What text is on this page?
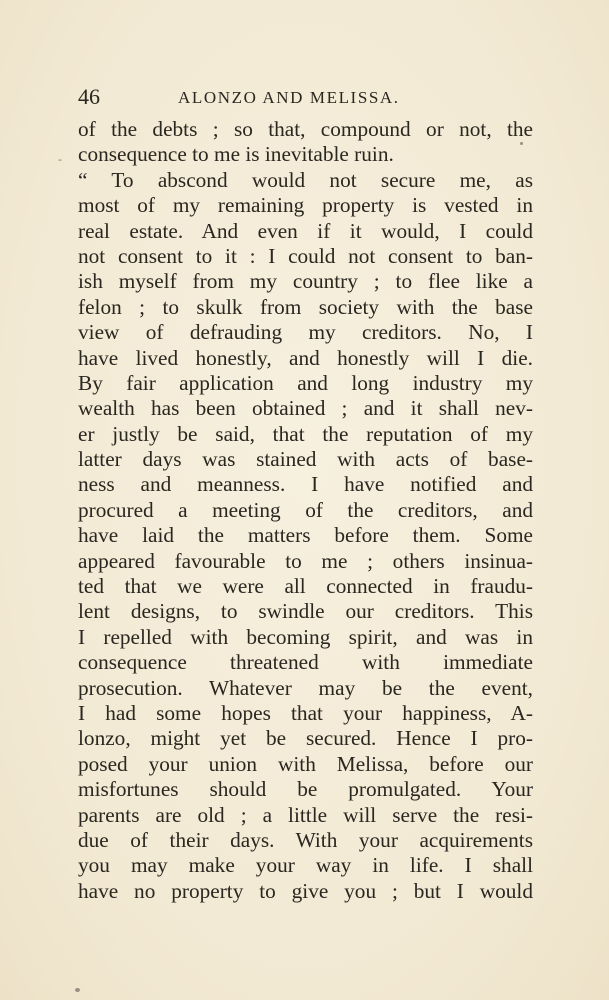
46	ALONZO AND MELISSA.
-
of the debts ; so that, compound or not, the
consequence to me is inevitable ruin.
“ To abscond would not secure me, as
most of my remaining property is vested in
real estate. And even if it would, I could
not consent to it : I could not consent to ban-
ish myself from my country ; to flee like a
felon ; to skulk from society with the base
view of defrauding my creditors. No, I
have lived honestly, and honestly will I die.
By fair application and long industry my
wealth has been obtained ; and it shall nev-
er justly be said, that the reputation of my
latter days was stained with acts of base-
ness and meanness. I have notified and
procured a meeting of the creditors, and
have laid the matters before them. Some
appeared favourable to me ; others insinua-
ted that we were all connected in fraudu-
lent designs, to swindle our creditors. This
I repelled with becoming spirit, and was in
consequence threatened with immediate
prosecution. Whatever may be the event,
I had some hopes that your happiness, A-
lonzo, might yet be secured. Hence I pro-
posed your union with Melissa, before our
misfortunes should be promulgated. Your
parents are old ; a little will serve the resi-
due of their days. With your acquirements
you may make your way in life. I shall
have no property to give you ; but I would
